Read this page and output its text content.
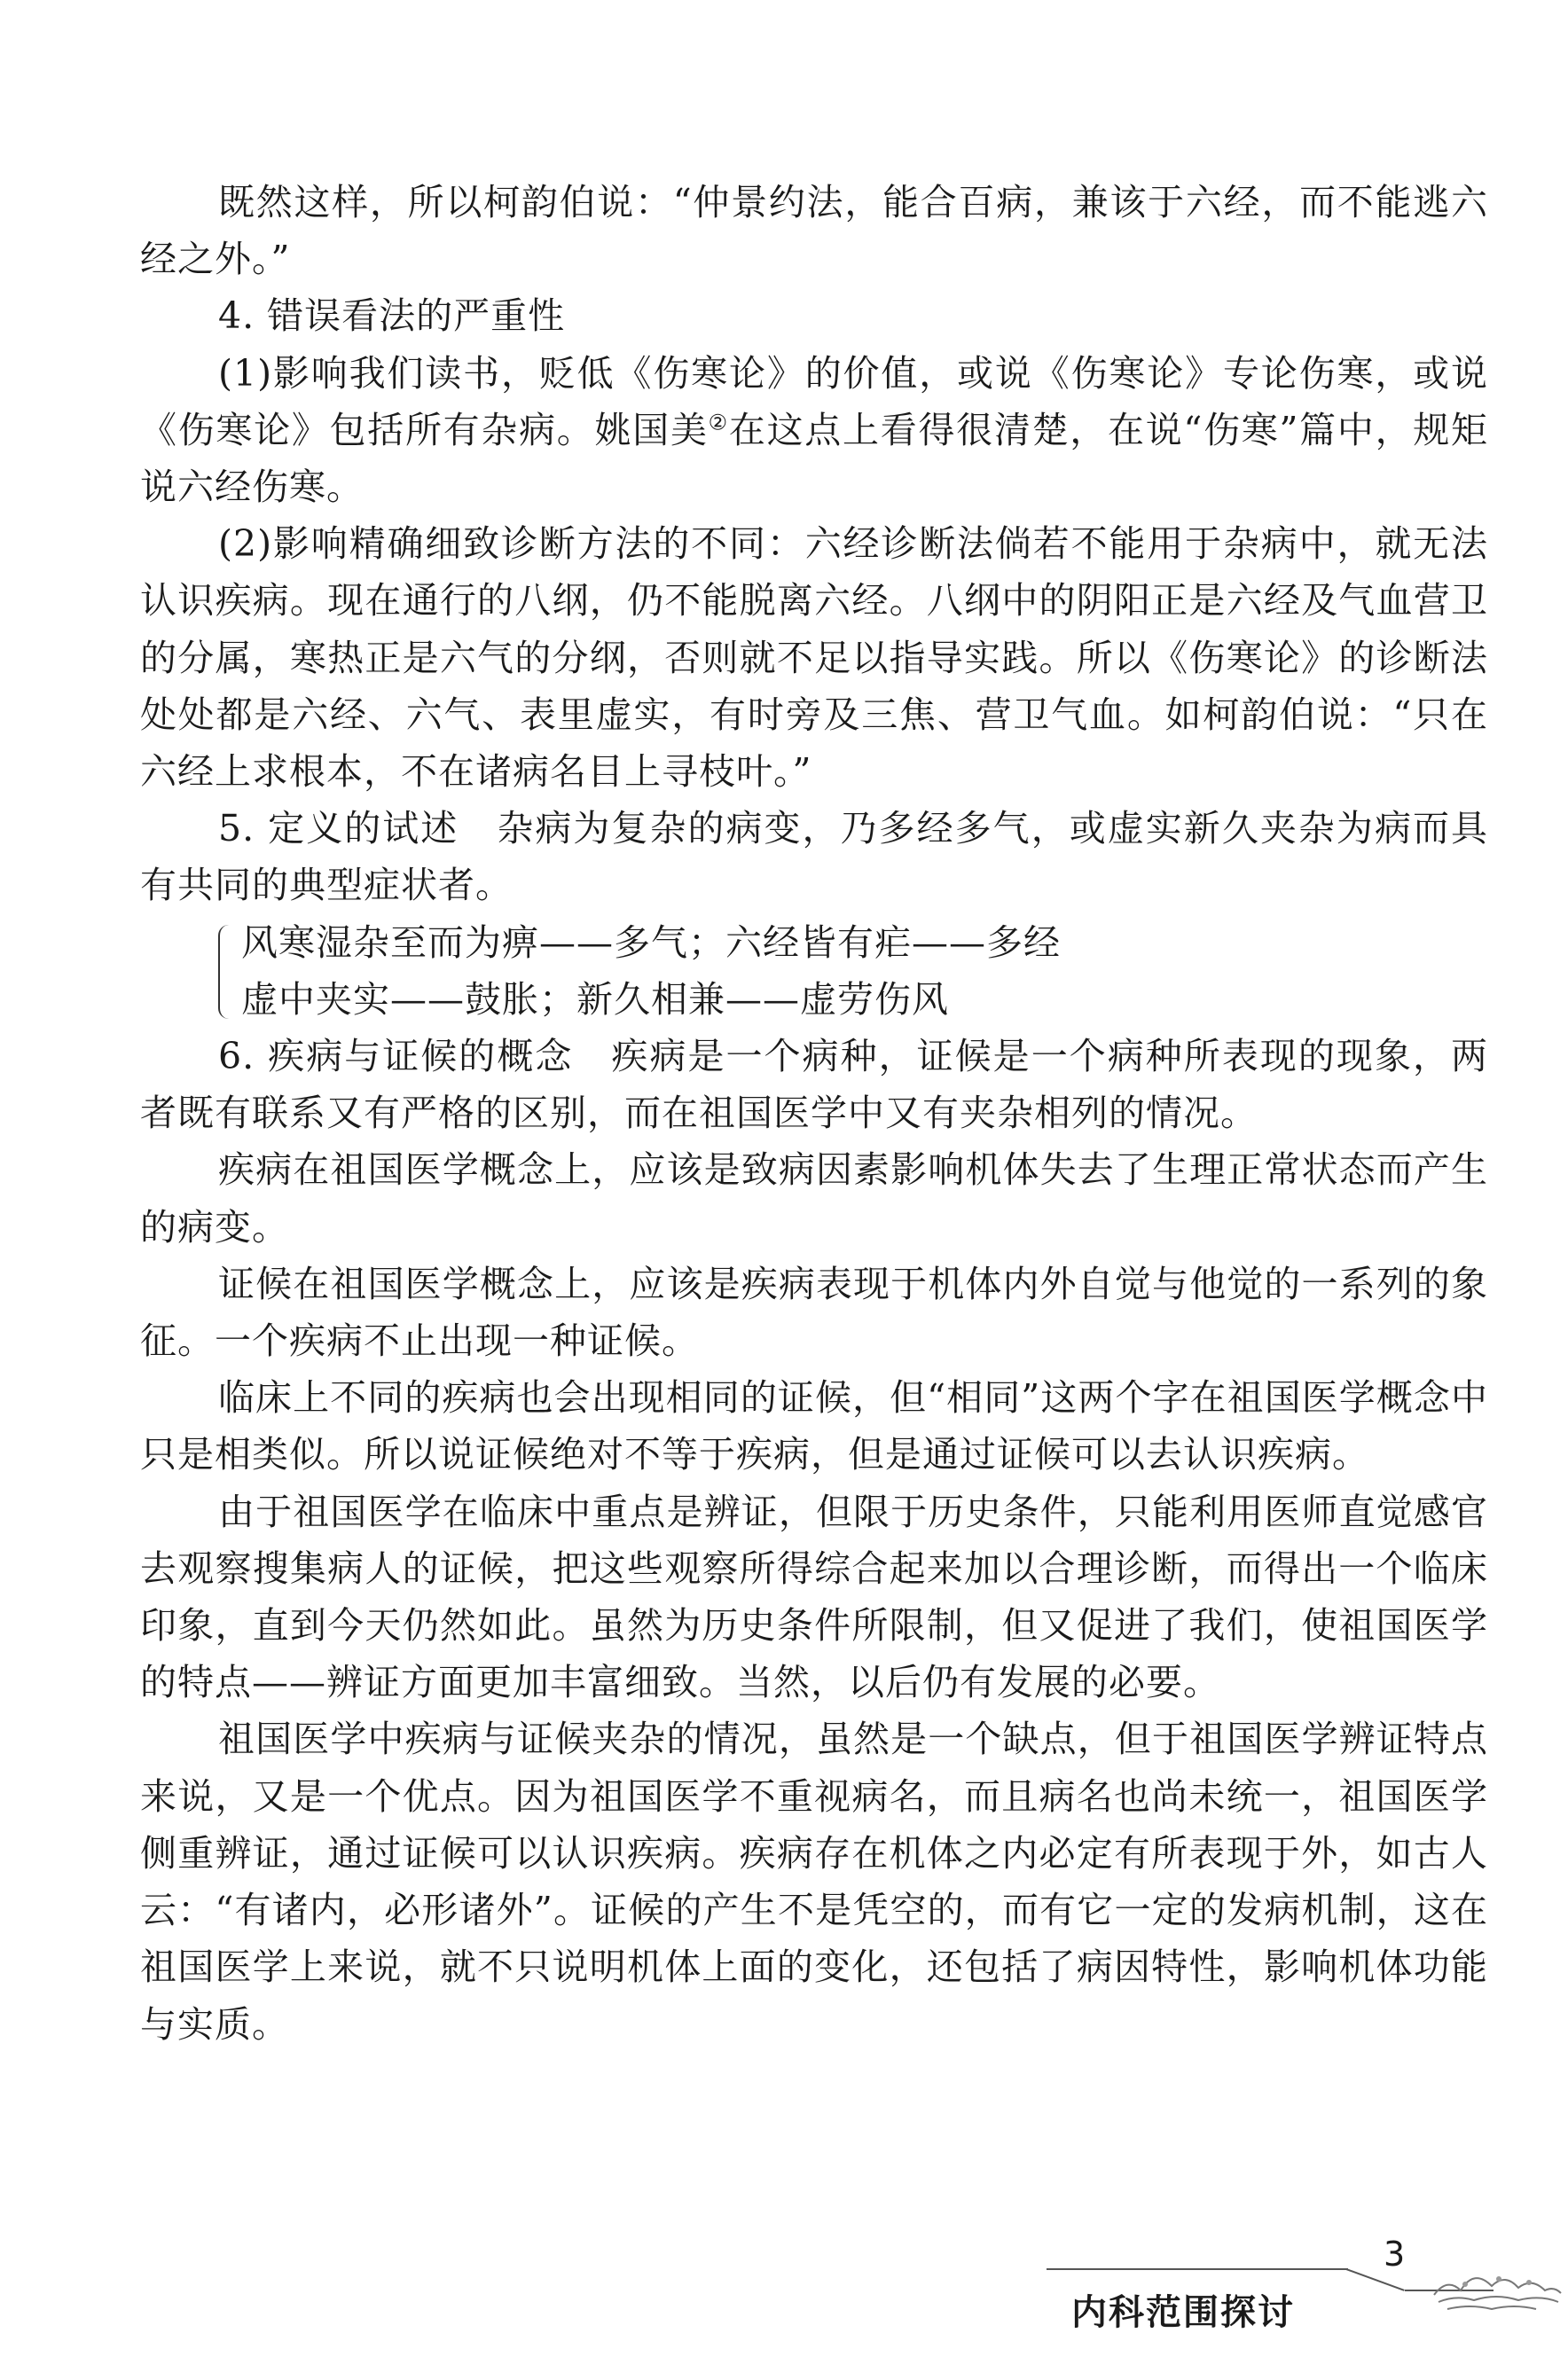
既然这样，所以柯韵伯说：“仲景约法，能合百病，兼该于六经，而不能逃六经之外。”

4. 错误看法的严重性

(1)影响我们读书，贬低《伤寒论》的价值，或说《伤寒论》专论伤寒，或说《伤寒论》包括所有杂病。姚国美②在这点上看得很清楚，在说“伤寒”篇中，规矩说六经伤寒。

(2)影响精确细致诊断方法的不同：六经诊断法倘若不能用于杂病中，就无法认识疾病。现在通行的八纲，仍不能脱离六经。八纲中的阴阳正是六经及气血营卫的分属，寒热正是六气的分纲，否则就不足以指导实践。所以《伤寒论》的诊断法处处都是六经、六气、表里虚实，有时旁及三焦、营卫气血。如柯韵伯说：“只在六经上求根本，不在诸病名目上寻枝叶。”

5. 定义的试述　杂病为复杂的病变，乃多经多气，或虚实新久夹杂为病而具有共同的典型症状者。

风寒湿杂至而为痹——多气；六经皆有疟——多经
虚中夹实——鼓胀；新久相兼——虚劳伤风

6. 疾病与证候的概念　疾病是一个病种，证候是一个病种所表现的现象，两者既有联系又有严格的区别，而在祖国医学中又有夹杂相列的情况。

疾病在祖国医学概念上，应该是致病因素影响机体失去了生理正常状态而产生的病变。

证候在祖国医学概念上，应该是疾病表现于机体内外自觉与他觉的一系列的象征。一个疾病不止出现一种证候。

临床上不同的疾病也会出现相同的证候，但“相同”这两个字在祖国医学概念中只是相类似。所以说证候绝对不等于疾病，但是通过证候可以去认识疾病。

由于祖国医学在临床中重点是辨证，但限于历史条件，只能利用医师直觉感官去观察搜集病人的证候，把这些观察所得综合起来加以合理诊断，而得出一个临床印象，直到今天仍然如此。虽然为历史条件所限制，但又促进了我们，使祖国医学的特点——辨证方面更加丰富细致。当然，以后仍有发展的必要。

祖国医学中疾病与证候夹杂的情况，虽然是一个缺点，但于祖国医学辨证特点来说，又是一个优点。因为祖国医学不重视病名，而且病名也尚未统一，祖国医学侧重辨证，通过证候可以认识疾病。疾病存在机体之内必定有所表现于外，如古人云：“有诸内，必形诸外”。证候的产生不是凭空的，而有它一定的发病机制，这在祖国医学上来说，就不只说明机体上面的变化，还包括了病因特性，影响机体功能与实质。

内科范围探讨
3
